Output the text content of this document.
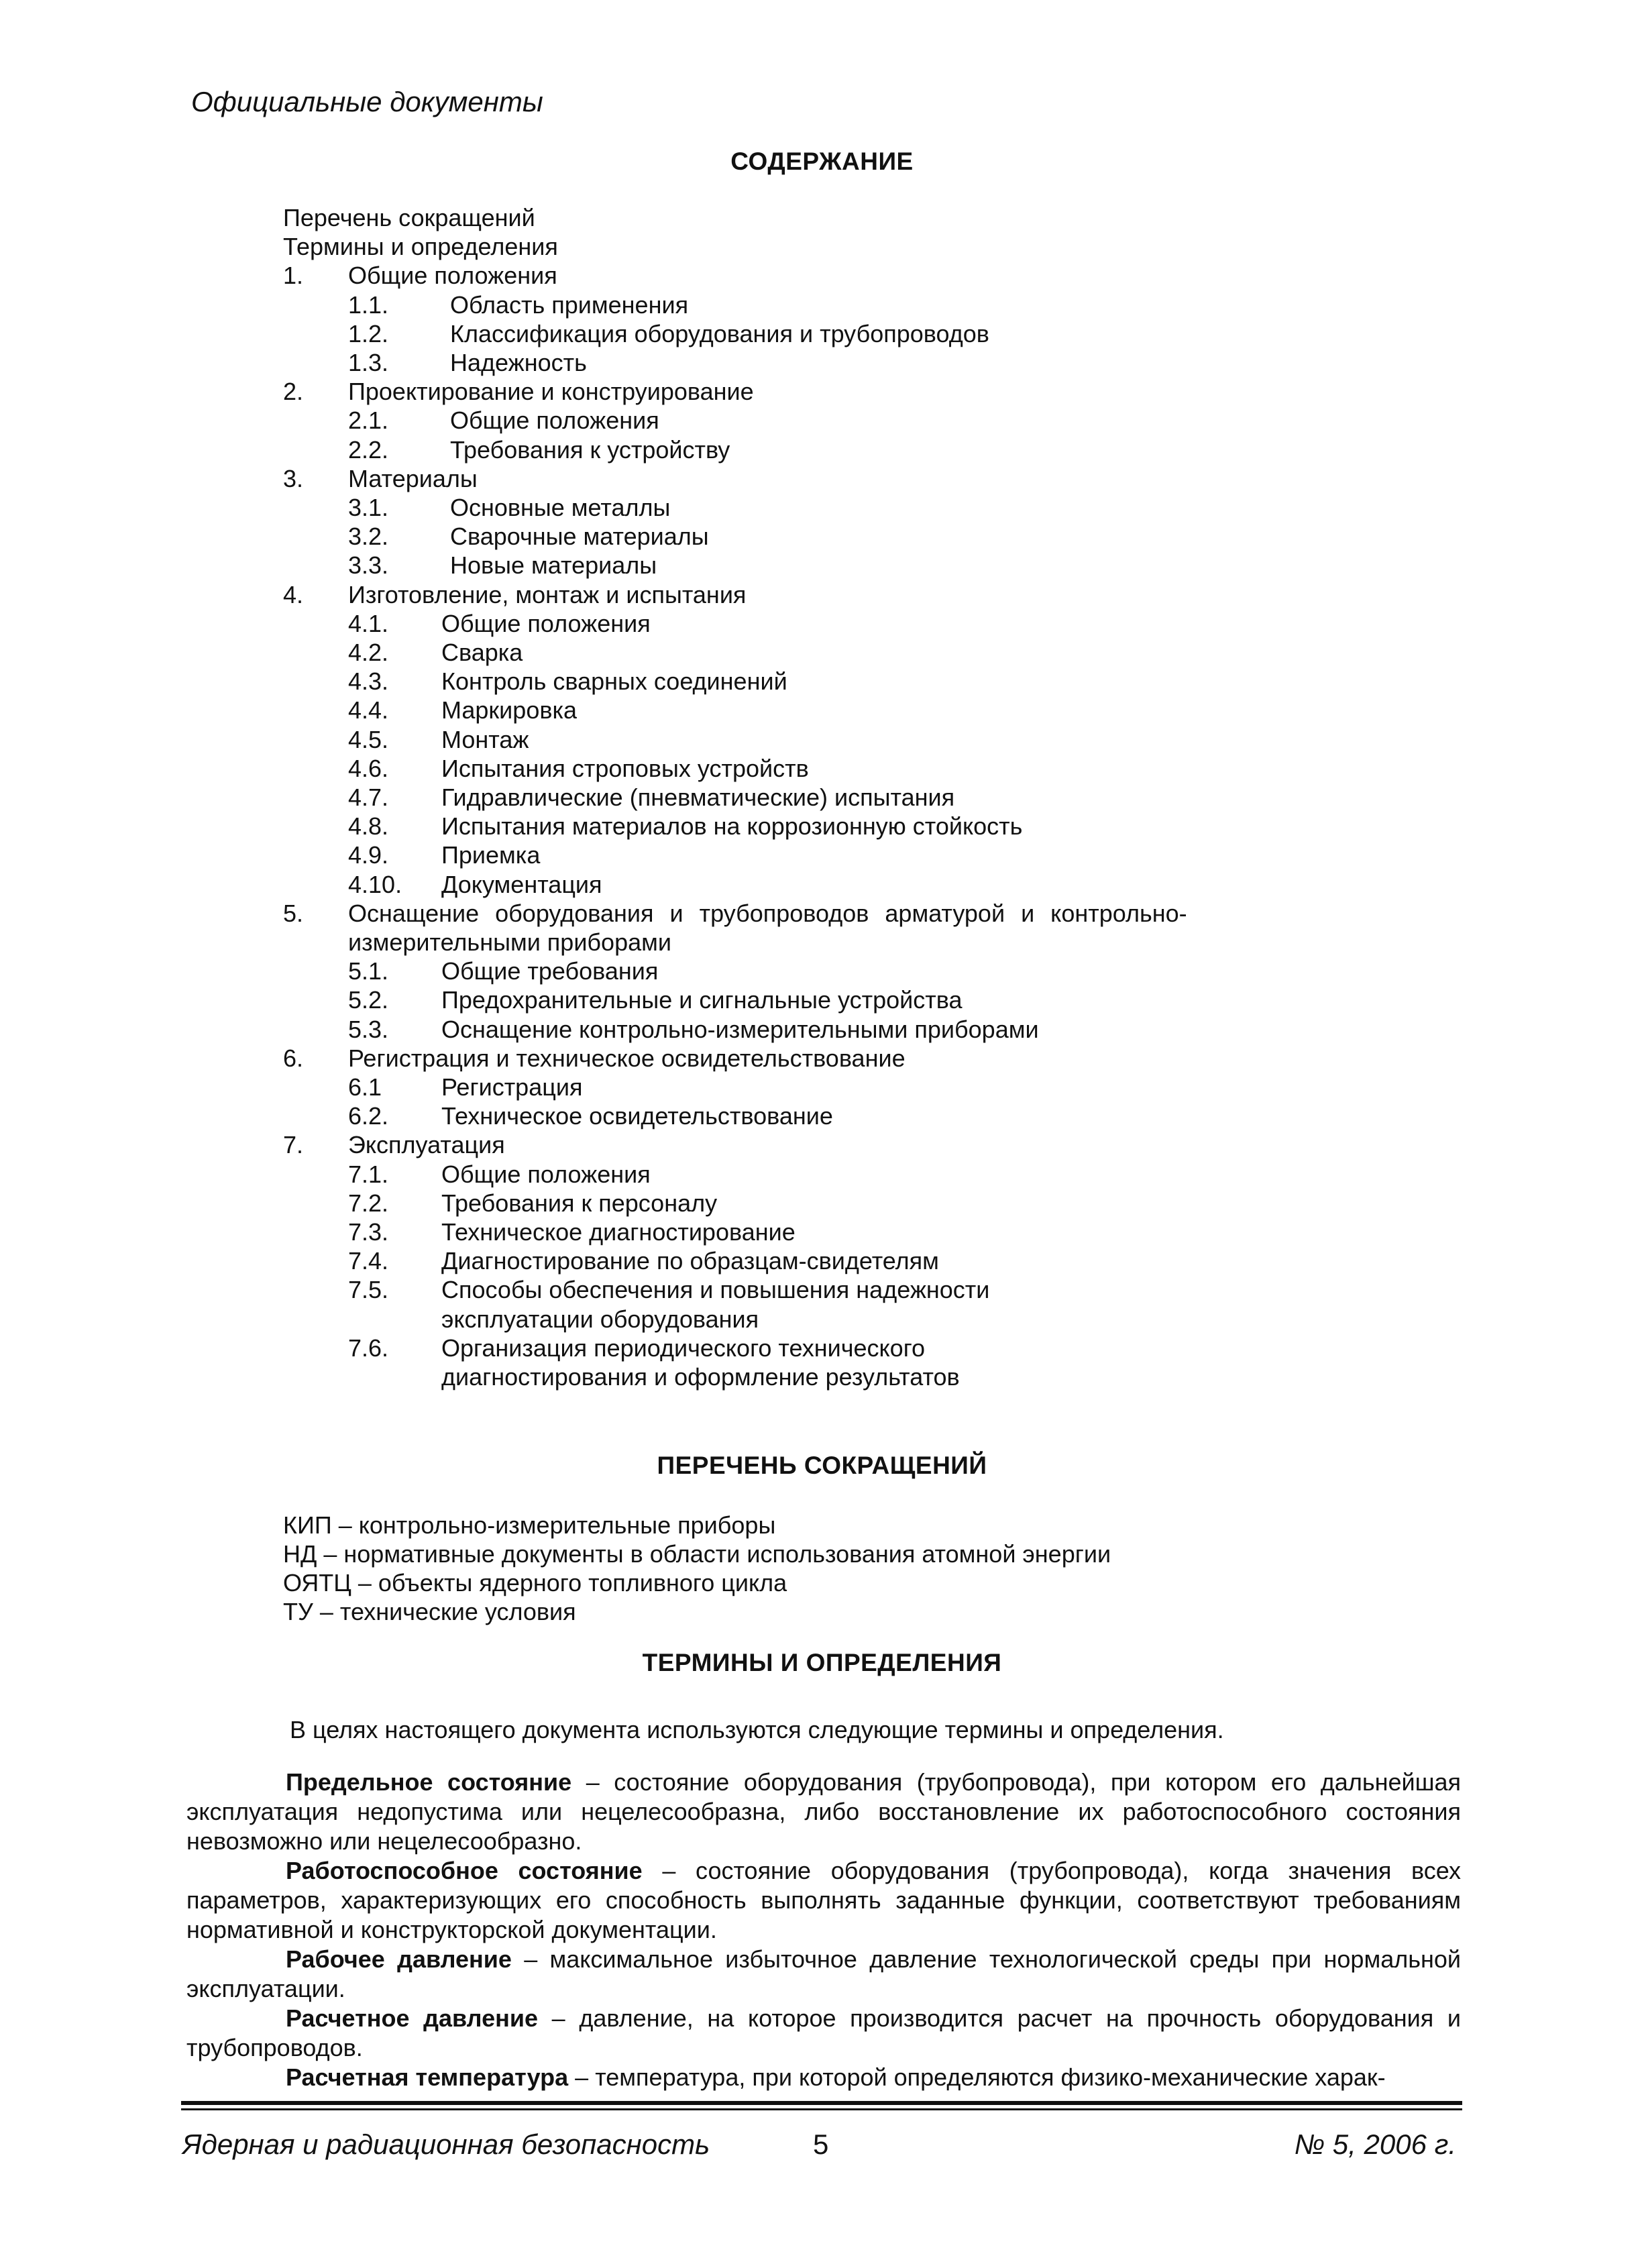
Официальные документы
СОДЕРЖАНИЕ
Перечень сокращений
Термины и определения
1. Общие положения
1.1.	Область применения
1.2.	Классификация оборудования и трубопроводов
1.3.	Надежность
2. Проектирование и конструирование
2.1.	Общие положения
2.2.	Требования к устройству
3. Материалы
3.1.	Основные металлы
3.2.	Сварочные материалы
3.3.	Новые материалы
4. Изготовление, монтаж и испытания
4.1. Общие положения
4.2. Сварка
4.3. Контроль сварных соединений
4.4. Маркировка
4.5. Монтаж
4.6. Испытания строповых устройств
4.7. Гидравлические (пневматические) испытания
4.8. Испытания материалов на коррозионную стойкость
4.9. Приемка
4.10. Документация
5. Оснащение оборудования и трубопроводов арматурой и контрольно-
измерительными приборами
5.1. Общие требования
5.2. Предохранительные и сигнальные устройства
5.3. Оснащение контрольно-измерительными приборами
6. Регистрация и техническое освидетельствование
6.1 Регистрация
6.2. Техническое освидетельствование
7. Эксплуатация
7.1. Общие положения
7.2. Требования к персоналу
7.3. Техническое диагностирование
7.4. Диагностирование по образцам-свидетелям
7.5. Способы обеспечения и повышения надежности
эксплуатации оборудования
7.6. Организация периодического технического
диагностирования и оформление результатов
ПЕРЕЧЕНЬ СОКРАЩЕНИЙ
КИП – контрольно-измерительные приборы
НД – нормативные документы в области использования атомной энергии
ОЯТЦ – объекты ядерного топливного цикла
ТУ – технические условия
ТЕРМИНЫ И ОПРЕДЕЛЕНИЯ
В целях настоящего документа используются следующие термины и определения.

Предельное состояние – состояние оборудования (трубопровода), при котором его дальнейшая эксплуатация недопустима или нецелесообразна, либо восстановление их работоспособного состояния невозможно или нецелесообразно.

Работоспособное состояние – состояние оборудования (трубопровода), когда значения всех параметров, характеризующих его способность выполнять заданные функции, соответствуют требованиям нормативной и конструкторской документации.

Рабочее давление – максимальное избыточное давление технологической среды при нормальной эксплуатации.

Расчетное давление – давление, на которое производится расчет на прочность оборудования и трубопроводов.

Расчетная температура – температура, при которой определяются физико-механические харак-

Ядерная и радиационная безопасность	5	№ 5, 2006 г.
